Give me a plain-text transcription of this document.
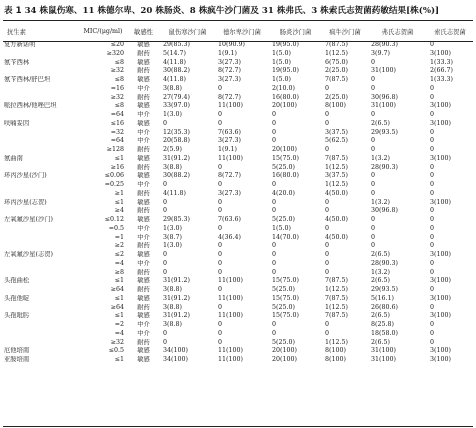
表 1 34 株鼠伤寒、11 株德尔卑、20 株肠炎、8 株疯牛沙门菌及 31 株弗氏、3 株索氏志贺菌药敏结果[株(%)]
抗生素	MIC/(μg/ml)	敏感性	鼠伤寒沙门菌	德尔卑沙门菌	肠炎沙门菌	疯牛沙门菌	弗氏志贺菌	索氏志贺菌
复方新诺明	≤20	敏感	29(85.3)	10(90.9)	19(95.0)	7(87.5)	28(90.3)	0
	≥320	耐药	5(14.7)	1(9.1)	1(5.0)	1(12.5)	3(9.7)	3(100)
氨苄西林	≤8	敏感	4(11.8)	3(27.3)	1(5.0)	6(75.0)	0	1(33.3)
	≥32	耐药	30(88.2)	8(72.7)	19(95.0)	2(25.0)	31(100)	2(66.7)
氨苄西林/舒巴坦	≤8	敏感	4(11.8)	3(27.3)	1(5.0)	7(87.5)	0	1(33.3)
	=16	中介	3(8.8)	0	2(10.0)	0	0	0
	≥32	耐药	27(79.4)	8(72.7)	16(80.0)	2(25.0)	30(96.8)	0
哌拉西林/他唑巴坦	≤8	敏感	33(97.0)	11(100)	20(100)	8(100)	31(100)	3(100)
	=64	中介	1(3.0)	0	0	0	0	0
呋喃妥因	≤16	敏感	0	0	0	0	2(6.5)	3(100)
	=32	中介	12(35.3)	7(63.6)	0	3(37.5)	29(93.5)	0
	=64	中介	20(58.8)	3(27.3)	0	5(62.5)	0	0
	≥128	耐药	2(5.9)	1(9.1)	20(100)	0	0	0
氨曲南	≤1	敏感	31(91.2)	11(100)	15(75.0)	7(87.5)	1(3.2)	3(100)
	≥16	耐药	3(8.8)	0	5(25.0)	1(12.5)	28(90.3)	0
环丙沙星(沙门)	≤0.06	敏感	30(88.2)	8(72.7)	16(80.0)	3(37.5)	0	0
	=0.25	中介	0	0	0	1(12.5)	0	0
	≥1	耐药	4(11.8)	3(27.3)	4(20.0)	4(50.0)	0	0
环丙沙星(志贺)	≤1	敏感	0	0	0	0	1(3.2)	3(100)
	≥4	耐药	0	0	0	0	30(96.8)	0
左氧氟沙星(沙门)	≤0.12	敏感	29(85.3)	7(63.6)	5(25.0)	4(50.0)	0	0
	=0.5	中介	1(3.0)	0	1(5.0)	0	0	0
	=1	中介	3(8.7)	4(36.4)	14(70.0)	4(50.0)	0	0
	≥2	耐药	1(3.0)	0	0	0	0	0
左氧氟沙星(志贺)	≤2	敏感	0	0	0	0	2(6.5)	3(100)
	=4	中介	0	0	0	0	28(90.3)	0
	≥8	耐药	0	0	0	0	1(3.2)	0
头孢曲松	≤1	敏感	31(91.2)	11(100)	15(75.0)	7(87.5)	2(6.5)	3(100)
	≥64	耐药	3(8.8)	0	5(25.0)	1(12.5)	29(93.5)	0
头孢他啶	≤1	敏感	31(91.2)	11(100)	15(75.0)	7(87.5)	5(16.1)	3(100)
	≥64	耐药	3(8.8)	0	5(25.0)	1(12.5)	26(80.6)	0
头孢吡肟	≤1	敏感	31(91.2)	11(100)	15(75.0)	7(87.5)	2(6.5)	3(100)
	=2	中介	3(8.8)	0	0	0	8(25.8)	0
	=4	中介	0	0	0	0	18(58.0)	0
	≥32	耐药	0	0	5(25.0)	1(12.5)	2(6.5)	0
厄他培南	≤0.5	敏感	34(100)	11(100)	20(100)	8(100)	31(100)	3(100)
亚胺培南	≤1	敏感	34(100)	11(100)	20(100)	8(100)	31(100)	3(100)
